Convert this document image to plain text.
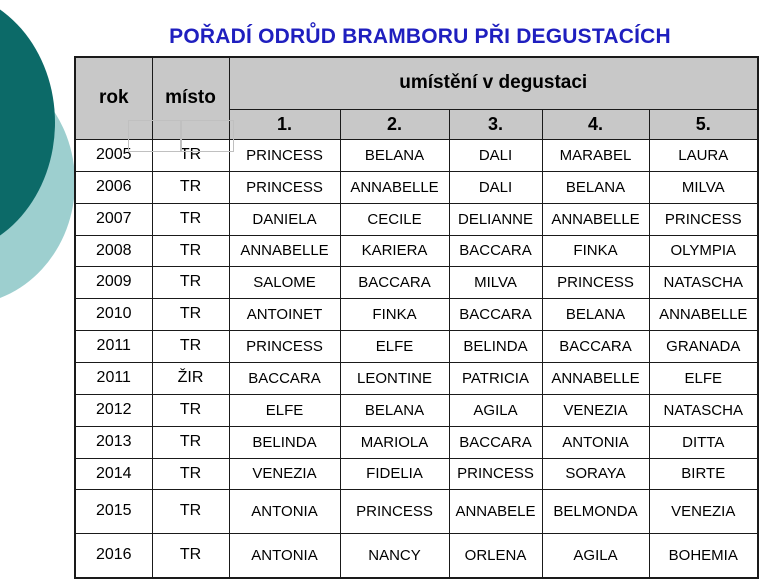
POŘADÍ ODRŮD BRAMBORU PŘI DEGUSTACÍCH
rok	místo	umístění v degustaci				
		1.	2.	3.	4.	5.
2005	TR	PRINCESS	BELANA	DALI	MARABEL	LAURA
2006	TR	PRINCESS	ANNABELLE	DALI	BELANA	MILVA
2007	TR	DANIELA	CECILE	DELIANNE	ANNABELLE	PRINCESS
2008	TR	ANNABELLE	KARIERA	BACCARA	FINKA	OLYMPIA
2009	TR	SALOME	BACCARA	MILVA	PRINCESS	NATASCHA
2010	TR	ANTOINET	FINKA	BACCARA	BELANA	ANNABELLE
2011	TR	PRINCESS	ELFE	BELINDA	BACCARA	GRANADA
2011	ŽIR	BACCARA	LEONTINE	PATRICIA	ANNABELLE	ELFE
2012	TR	ELFE	BELANA	AGILA	VENEZIA	NATASCHA
2013	TR	BELINDA	MARIOLA	BACCARA	ANTONIA	DITTA
2014	TR	VENEZIA	FIDELIA	PRINCESS	SORAYA	BIRTE
2015	TR	ANTONIA	PRINCESS	ANNABELE	BELMONDA	VENEZIA
2016	TR	ANTONIA	NANCY	ORLENA	AGILA	BOHEMIA
